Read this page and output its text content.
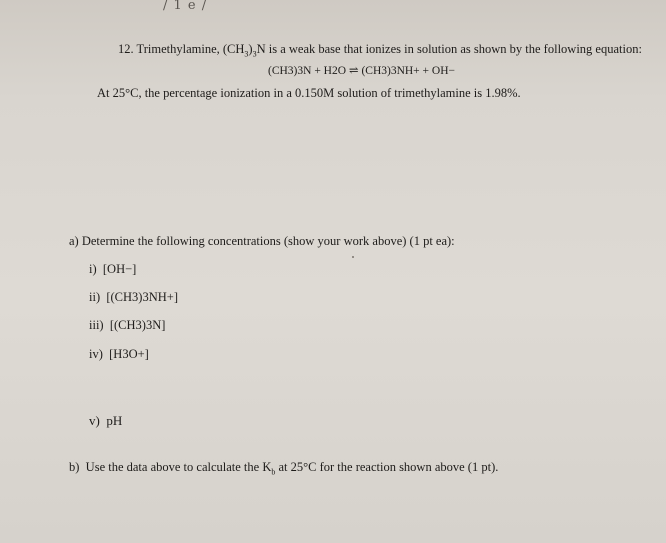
/ 1 e /
12. Trimethylamine, $(CH_3)_3N$ is a weak base that ionizes in solution as shown by the following equation:
(CH3)3N + H2O ⇌ (CH3)3NH+ + OH−
At 25°C, the percentage ionization in a 0.150M solution of trimethylamine is 1.98%.
a) Determine the following concentrations (show your work above) (1 pt ea):
i) [OH−]
ii) [(CH3)3NH+]
iii) [(CH3)3N]
iv) [H3O+]
v) pH
b) Use the data above to calculate the $K_b$ at 25°C for the reaction shown above (1 pt).
